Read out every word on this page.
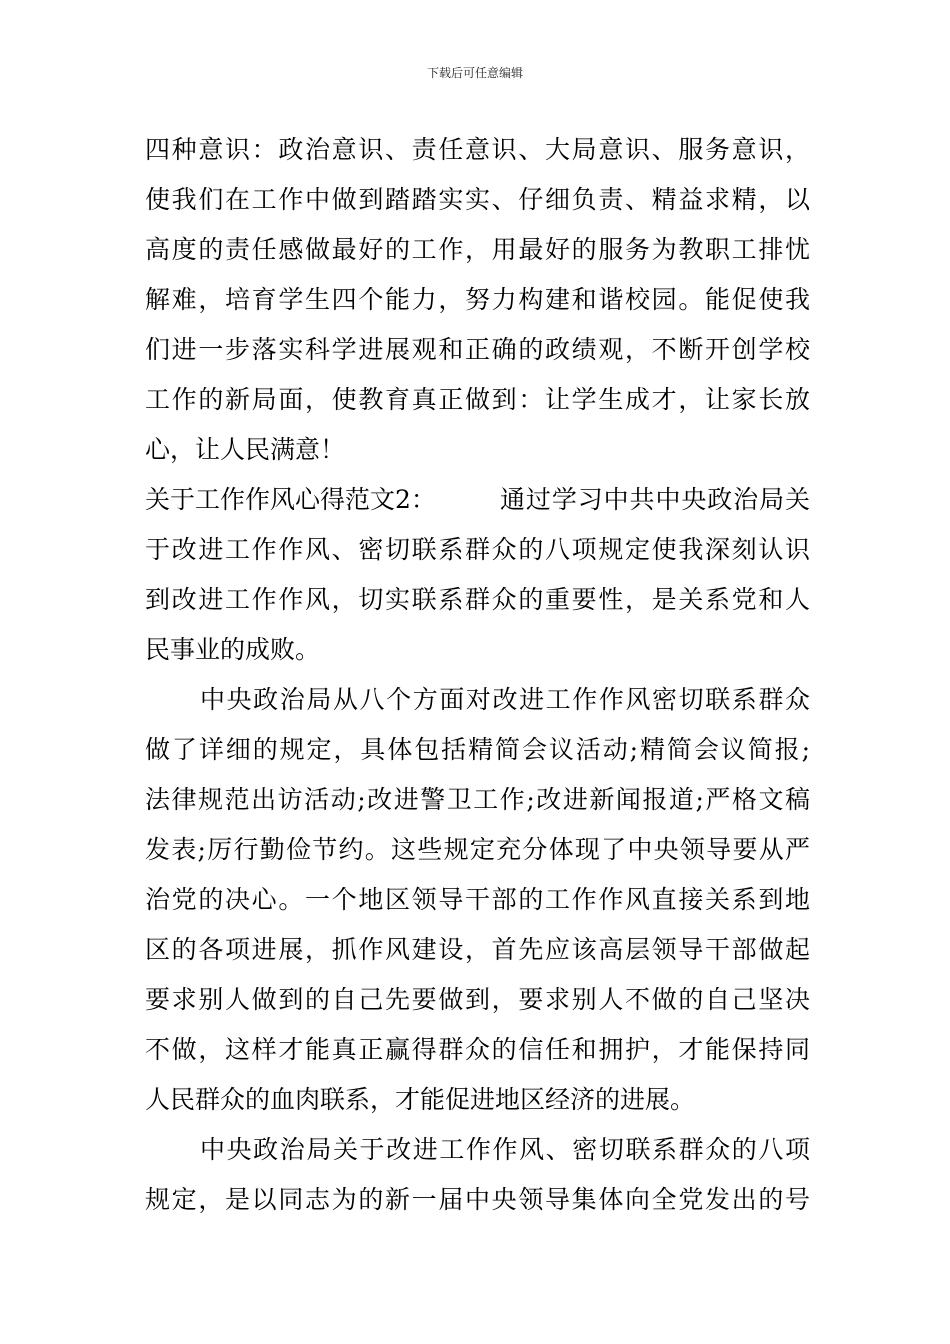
下载后可任意编辑
四种意识：政治意识、责任意识、大局意识、服务意识，
使我们在工作中做到踏踏实实、仔细负责、精益求精，以
高度的责任感做最好的工作，用最好的服务为教职工排忧
解难，培育学生四个能力，努力构建和谐校园。能促使我
们进一步落实科学进展观和正确的政绩观，不断开创学校
工作的新局面，使教育真正做到：让学生成才，让家长放
心，让人民满意！
关于工作作风心得范文2：	通过学习中共中央政治局关
于改进工作作风、密切联系群众的八项规定使我深刻认识
到改进工作作风，切实联系群众的重要性，是关系党和人
民事业的成败。
中央政治局从八个方面对改进工作作风密切联系群众
做了详细的规定，具体包括精简会议活动;精简会议简报;
法律规范出访活动;改进警卫工作;改进新闻报道;严格文稿
发表;厉行勤俭节约。这些规定充分体现了中央领导要从严
治党的决心。一个地区领导干部的工作作风直接关系到地
区的各项进展，抓作风建设，首先应该高层领导干部做起
要求别人做到的自己先要做到，要求别人不做的自己坚决
不做，这样才能真正赢得群众的信任和拥护，才能保持同
人民群众的血肉联系，才能促进地区经济的进展。
中央政治局关于改进工作作风、密切联系群众的八项
规定，是以同志为的新一届中央领导集体向全党发出的号
